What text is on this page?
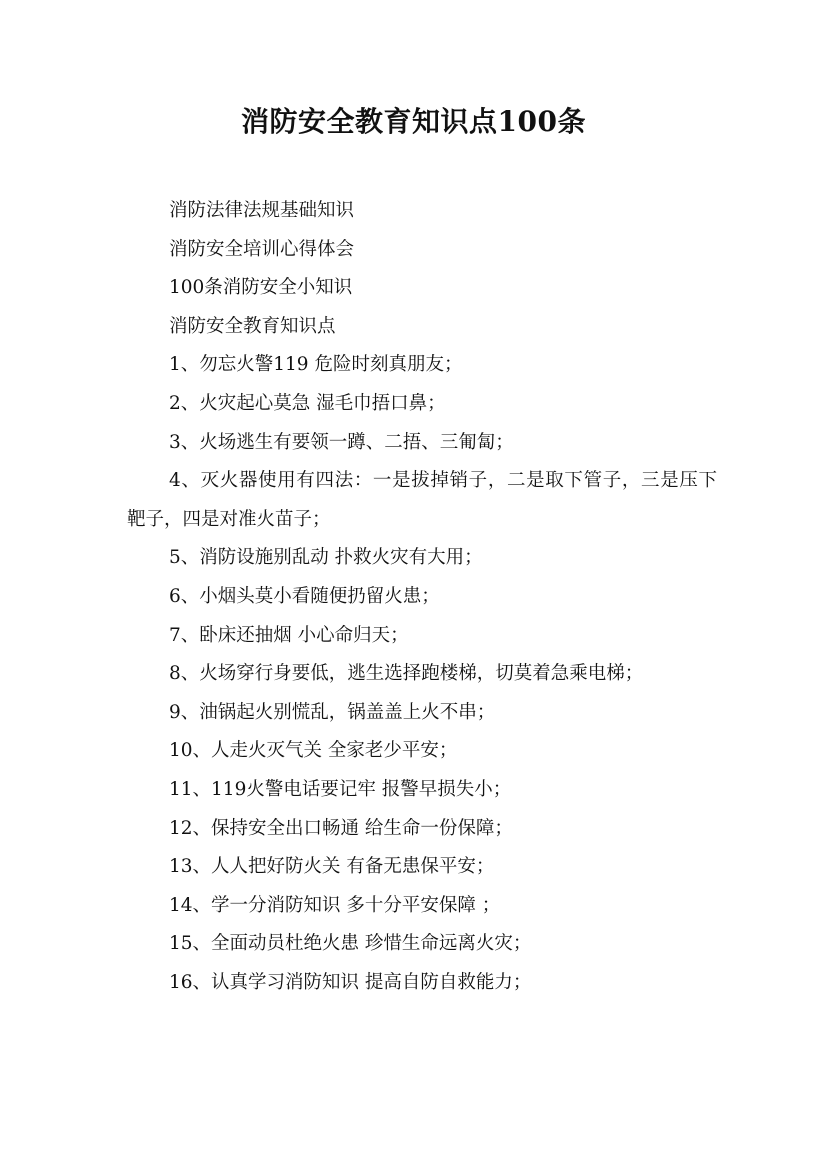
消防安全教育知识点100条

消防法律法规基础知识

消防安全培训心得体会

100条消防安全小知识

消防安全教育知识点

1、勿忘火警119 危险时刻真朋友；

2、火灾起心莫急 湿毛巾捂口鼻；

3、火场逃生有要领一蹲、二捂、三匍匐；

4、灭火器使用有四法：一是拔掉销子，二是取下管子，三是压下靶子，四是对准火苗子；

5、消防设施别乱动 扑救火灾有大用；

6、小烟头莫小看随便扔留火患；

7、卧床还抽烟 小心命归天；

8、火场穿行身要低，逃生选择跑楼梯，切莫着急乘电梯；

9、油锅起火别慌乱，锅盖盖上火不串；

10、人走火灭气关 全家老少平安；

11、119火警电话要记牢 报警早损失小；

12、保持安全出口畅通 给生命一份保障；

13、人人把好防火关 有备无患保平安；

14、学一分消防知识 多十分平安保障 ；

15、全面动员杜绝火患 珍惜生命远离火灾；

16、认真学习消防知识 提高自防自救能力；
